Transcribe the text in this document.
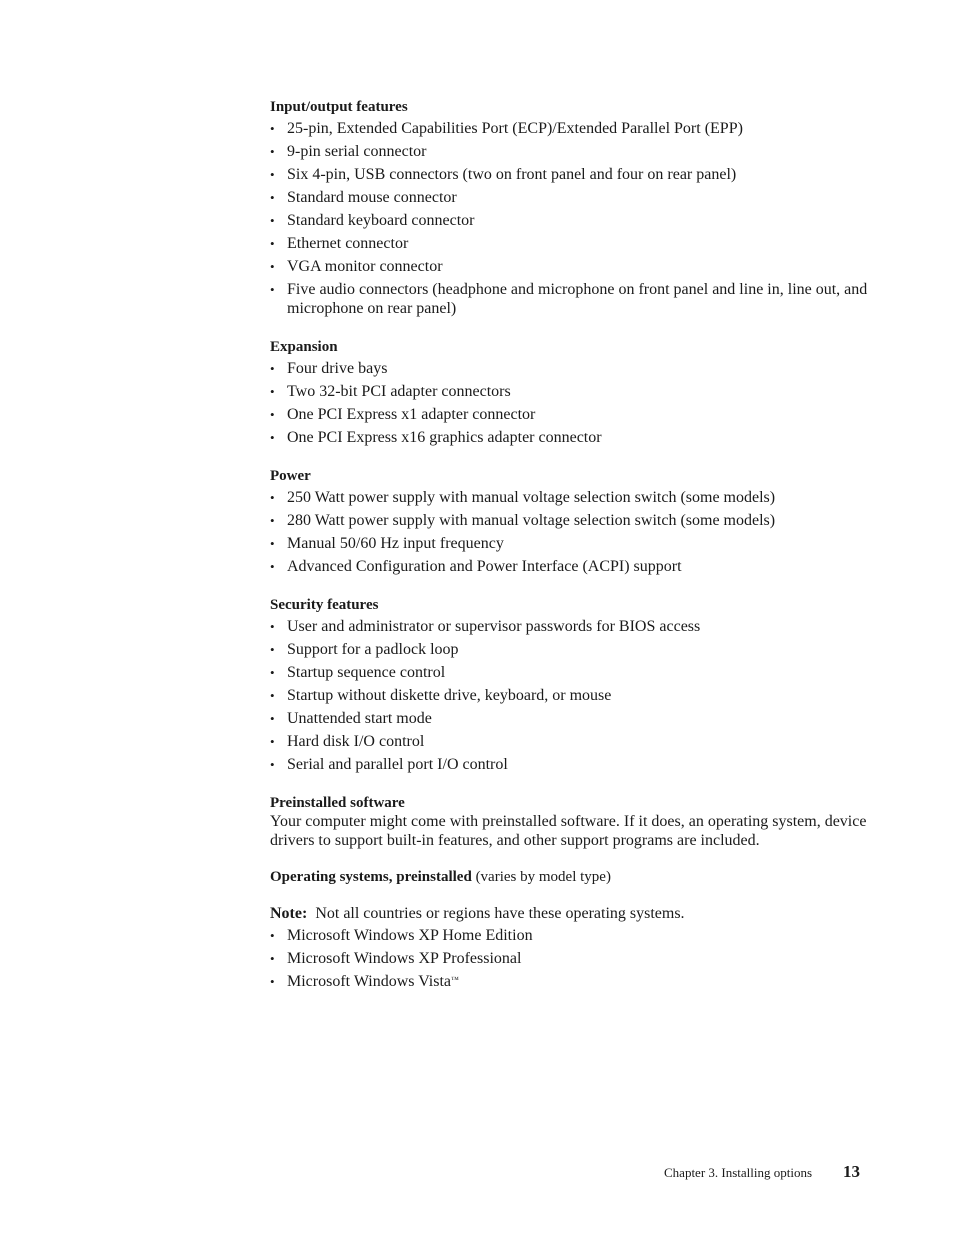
Input/output features

• 25-pin, Extended Capabilities Port (ECP)/Extended Parallel Port (EPP)
• 9-pin serial connector
• Six 4-pin, USB connectors (two on front panel and four on rear panel)
• Standard mouse connector
• Standard keyboard connector
• Ethernet connector
• VGA monitor connector
• Five audio connectors (headphone and microphone on front panel and line in, line out, and microphone on rear panel)

Expansion

• Four drive bays
• Two 32-bit PCI adapter connectors
• One PCI Express x1 adapter connector
• One PCI Express x16 graphics adapter connector

Power

• 250 Watt power supply with manual voltage selection switch (some models)
• 280 Watt power supply with manual voltage selection switch (some models)
• Manual 50/60 Hz input frequency
• Advanced Configuration and Power Interface (ACPI) support

Security features

• User and administrator or supervisor passwords for BIOS access
• Support for a padlock loop
• Startup sequence control
• Startup without diskette drive, keyboard, or mouse
• Unattended start mode
• Hard disk I/O control
• Serial and parallel port I/O control

Preinstalled software

Your computer might come with preinstalled software. If it does, an operating system, device drivers to support built-in features, and other support programs are included.

Operating systems, preinstalled (varies by model type)

Note:  Not all countries or regions have these operating systems.

• Microsoft Windows XP Home Edition
• Microsoft Windows XP Professional
• Microsoft Windows Vista™
Chapter 3. Installing options 13
